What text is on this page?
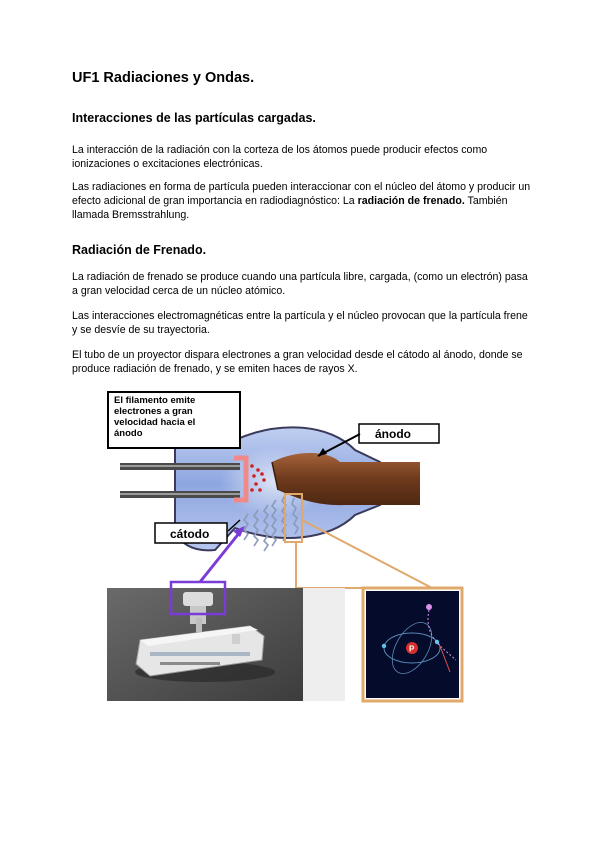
UF1 Radiaciones y Ondas.
Interacciones de las partículas cargadas.
La interacción de la radiación con la corteza de los átomos puede producir efectos como ionizaciones o excitaciones electrónicas.
Las radiaciones en forma de partícula pueden interaccionar con el núcleo del átomo y producir un efecto adicional de gran importancia en radiodiagnóstico: La radiación de frenado. También llamada Bremsstrahlung.
Radiación de Frenado.
La radiación de frenado se produce cuando una partícula libre, cargada, (como un electrón) pasa a gran velocidad cerca de un núcleo atómico.
Las interacciones electromagnéticas entre la partícula y el núcleo provocan que la partícula frene y se desvíe de su trayectoria.
El tubo de un proyector dispara electrones a gran velocidad desde el cátodo al ánodo, donde se produce radiación de frenado, y se emiten haces de rayos X.
El filamento emite
electrones a gran
velocidad hacia el
ánodo	ánodo
cátodo
P
